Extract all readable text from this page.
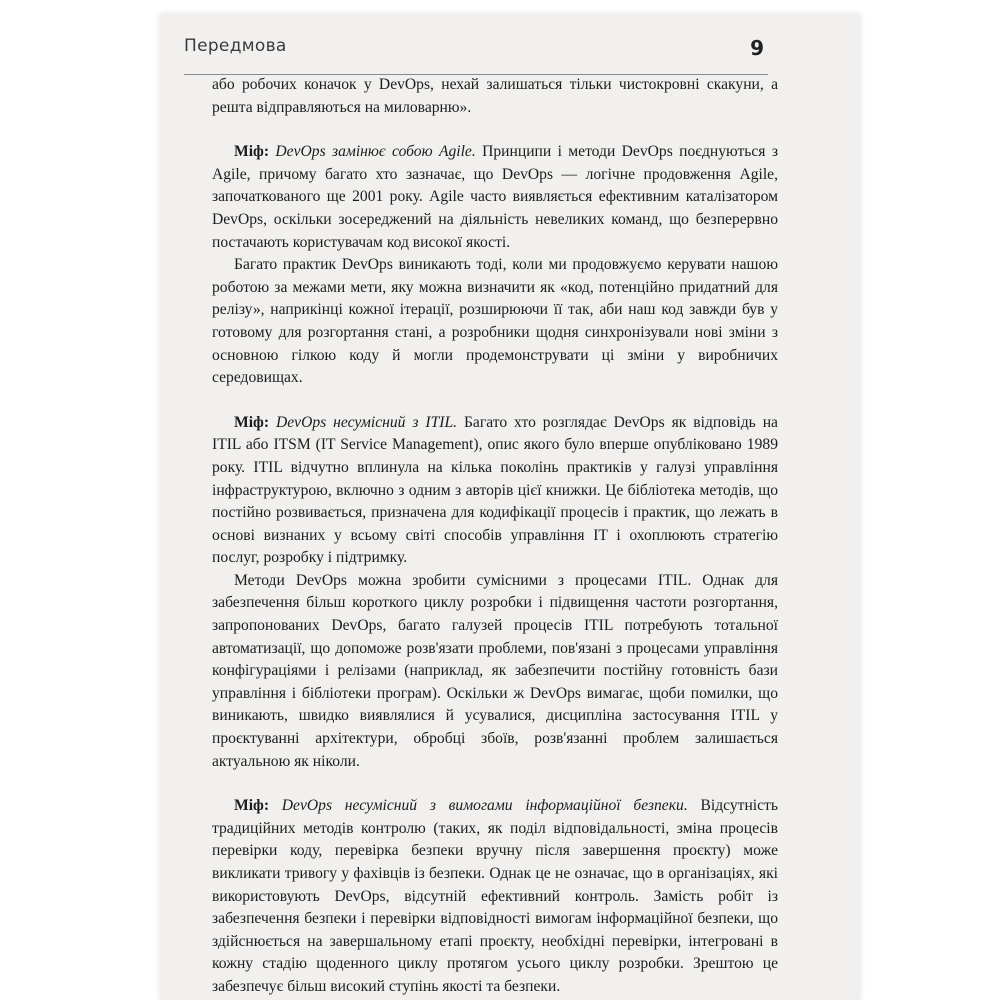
Передмова	9

або робочих коначок у DevOps, нехай залишаться тільки чистокровні скакуни, а решта відправляються на миловарню».

Міф: DevOps замінює собою Agile. Принципи і методи DevOps поєднуються з Agile, причому багато хто зазначає, що DevOps — логічне продовження Agile, започаткованого ще 2001 року. Agile часто виявляється ефективним каталізатором DevOps, оскільки зосереджений на діяльність невеликих команд, що безперервно постачають користувачам код високої якості.

Багато практик DevOps виникають тоді, коли ми продовжуємо керувати нашою роботою за межами мети, яку можна визначити як «код, потенційно придатний для релізу», наприкінці кожної ітерації, розширюючи її так, аби наш код завжди був у готовому для розгортання стані, а розробники щодня синхронізували нові зміни з основною гілкою коду й могли продемонструвати ці зміни у виробничих середовищах.

Міф: DevOps несумісний з ITIL. Багато хто розглядає DevOps як відповідь на ITIL або ITSM (IT Service Management), опис якого було вперше опубліковано 1989 року. ITIL відчутно вплинула на кілька поколінь практиків у галузі управління інфраструктурою, включно з одним з авторів цієї книжки. Це бібліотека методів, що постійно розвивається, призначена для кодифікації процесів і практик, що лежать в основі визнаних у всьому світі способів управління IT і охоплюють стратегію послуг, розробку і підтримку.

Методи DevOps можна зробити сумісними з процесами ITIL. Однак для забезпечення більш короткого циклу розробки і підвищення частоти розгортання, запропонованих DevOps, багато галузей процесів ITIL потребують тотальної автоматизації, що допоможе розв'язати проблеми, пов'язані з процесами управління конфігураціями і релізами (наприклад, як забезпечити постійну готовність бази управління і бібліотеки програм). Оскільки ж DevOps вимагає, щоби помилки, що виникають, швидко виявлялися й усувалися, дисципліна застосування ITIL у проєктуванні архітектури, обробці збоїв, розв'язанні проблем залишається актуальною як ніколи.

Міф: DevOps несумісний з вимогами інформаційної безпеки. Відсутність традиційних методів контролю (таких, як поділ відповідальності, зміна процесів перевірки коду, перевірка безпеки вручну після завершення проєкту) може викликати тривогу у фахівців із безпеки. Однак це не означає, що в організаціях, які використовують DevOps, відсутній ефективний контроль. Замість робіт із забезпечення безпеки і перевірки відповідності вимогам інформаційної безпеки, що здійснюється на завершальному етапі проєкту, необхідні перевірки, інтегровані в кожну стадію щоденного циклу протягом усього циклу розробки. Зрештою це забезпечує більш високий ступінь якості та безпеки.
